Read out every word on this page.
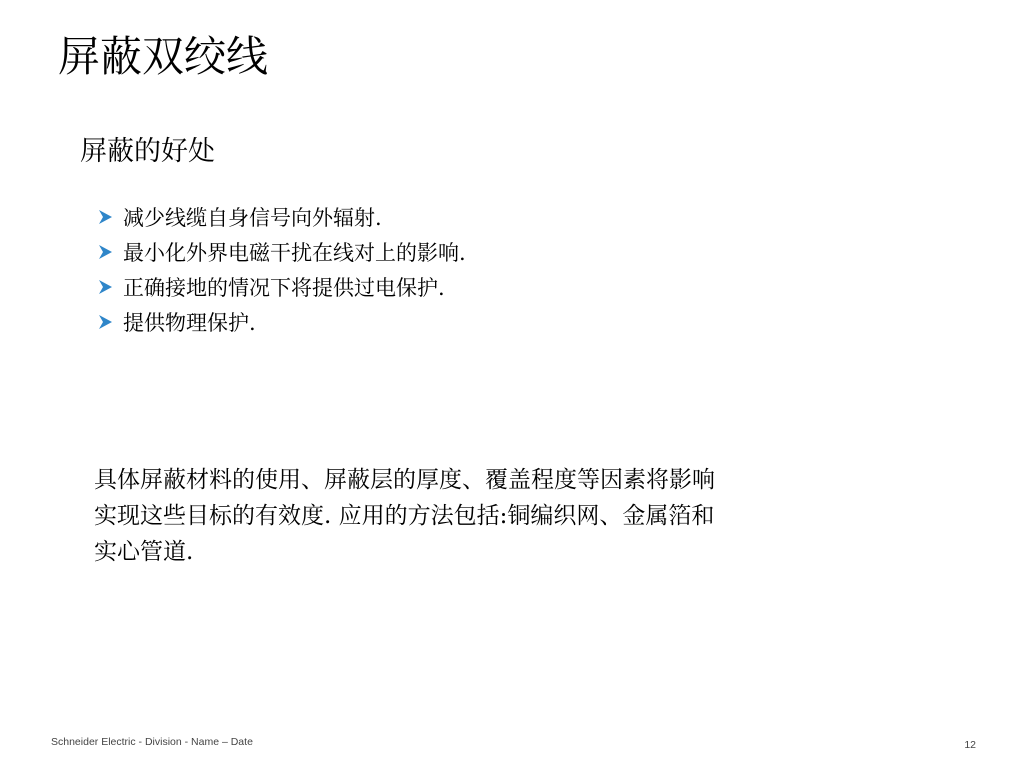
屏蔽双绞线
屏蔽的好处
减少线缆自身信号向外辐射.
最小化外界电磁干扰在线对上的影响.
正确接地的情况下将提供过电保护.
提供物理保护.
具体屏蔽材料的使用、屏蔽层的厚度、覆盖程度等因素将影响
实现这些目标的有效度. 应用的方法包括:铜编织网、金属箔和
实心管道.
Schneider Electric - Division - Name – Date	12
